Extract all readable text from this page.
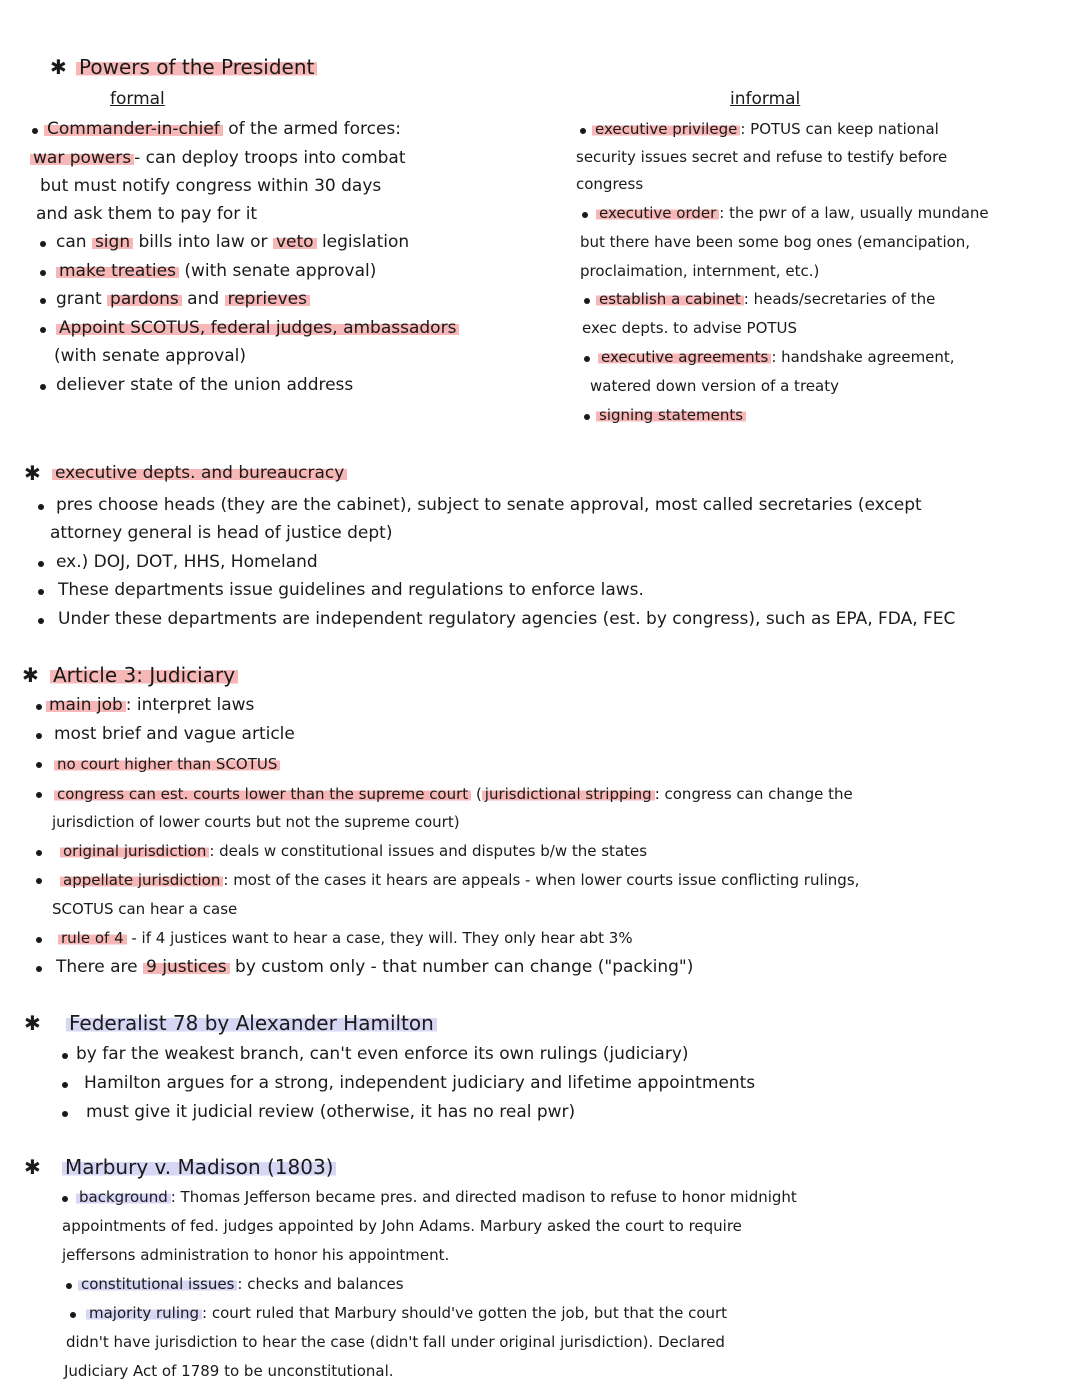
✱ Powers of the President
formal	informal
Commander-in-chief of the armed forces:
war powers - can deploy troops into combat
but must notify congress within 30 days
and ask them to pay for it
can sign bills into law or veto legislation
make treaties (with senate approval)
grant pardons and reprieves
Appoint SCOTUS, federal judges, ambassadors
(with senate approval)
deliever state of the union address
executive privilege : POTUS can keep national
security issues secret and refuse to testify before
congress
executive order : the pwr of a law, usually mundane
but there have been some bog ones (emancipation,
proclaimation, internment, etc.)
establish a cabinet : heads/secretaries of the
exec depts. to advise POTUS
executive agreements : handshake agreement,
watered down version of a treaty
signing statements
✱ executive depts. and bureaucracy
pres choose heads (they are the cabinet), subject to senate approval, most called secretaries (except
attorney general is head of justice dept)
ex.) DOJ, DOT, HHS, Homeland
These departments issue guidelines and regulations to enforce laws.
Under these departments are independent regulatory agencies (est. by congress), such as EPA, FDA, FEC
✱ Article 3: Judiciary
main job : interpret laws
most brief and vague article
no court higher than SCOTUS
congress can est. courts lower than the supreme court ( jurisdictional stripping : congress can change the
jurisdiction of lower courts but not the supreme court)
original jurisdiction : deals w constitutional issues and disputes b/w the states
appellate jurisdiction : most of the cases it hears are appeals - when lower courts issue conflicting rulings,
SCOTUS can hear a case
rule of 4 - if 4 justices want to hear a case, they will. They only hear abt 3%
There are 9 justices by custom only - that number can change ("packing")
✱ Federalist 78 by Alexander Hamilton
by far the weakest branch, can't even enforce its own rulings (judiciary)
Hamilton argues for a strong, independent judiciary and lifetime appointments
must give it judicial review (otherwise, it has no real pwr)
✱ Marbury v. Madison (1803)
background : Thomas Jefferson became pres. and directed madison to refuse to honor midnight
appointments of fed. judges appointed by John Adams. Marbury asked the court to require
jeffersons administration to honor his appointment.
constitutional issues : checks and balances
majority ruling : court ruled that Marbury should've gotten the job, but that the court
didn't have jurisdiction to hear the case (didn't fall under original jurisdiction). Declared
Judiciary Act of 1789 to be unconstitutional.
